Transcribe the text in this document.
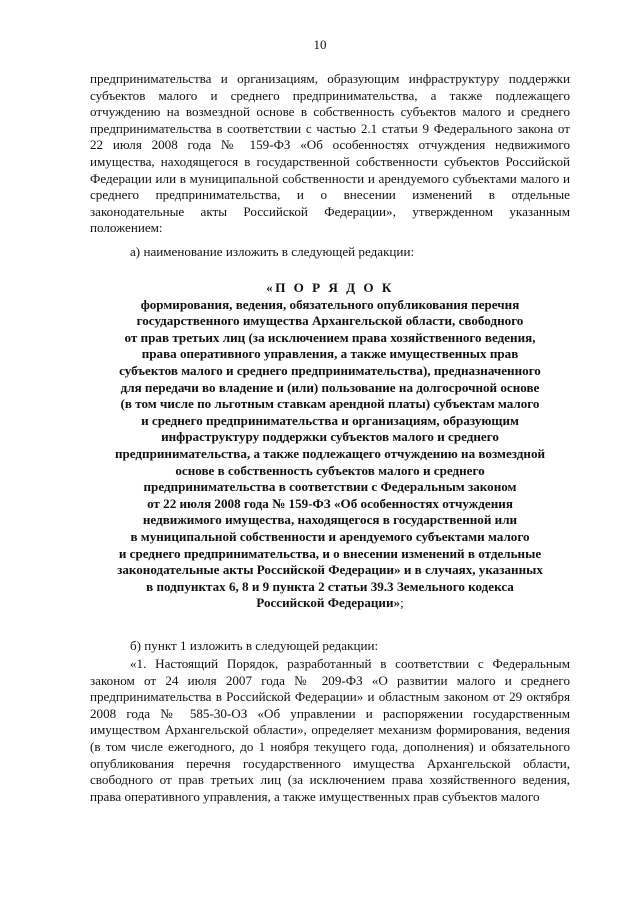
10

предпринимательства и организациям, образующим инфраструктуру поддержки субъектов малого и среднего предпринимательства, а также подлежащего отчуждению на возмездной основе в собственность субъектов малого и среднего предпринимательства в соответствии с частью 2.1 статьи 9 Федерального закона от 22 июля 2008 года № 159-ФЗ «Об особенностях отчуждения недвижимого имущества, находящегося в государственной собственности субъектов Российской Федерации или в муниципальной собственности и арендуемого субъектами малого и среднего предпринимательства, и о внесении изменений в отдельные законодательные акты Российской Федерации», утвержденном указанным положением:

а) наименование изложить в следующей редакции:

«П О Р Я Д О К
формирования, ведения, обязательного опубликования перечня
государственного имущества Архангельской области, свободного
от прав третьих лиц (за исключением права хозяйственного ведения,
права оперативного управления, а также имущественных прав
субъектов малого и среднего предпринимательства), предназначенного
для передачи во владение и (или) пользование на долгосрочной основе
(в том числе по льготным ставкам арендной платы) субъектам малого
и среднего предпринимательства и организациям, образующим
инфраструктуру поддержки субъектов малого и среднего
предпринимательства, а также подлежащего отчуждению на возмездной
основе в собственность субъектов малого и среднего
предпринимательства в соответствии с Федеральным законом
от 22 июля 2008 года № 159-ФЗ «Об особенностях отчуждения
недвижимого имущества, находящегося в государственной или
в муниципальной собственности и арендуемого субъектами малого
и среднего предпринимательства, и о внесении изменений в отдельные
законодательные акты Российской Федерации» и в случаях, указанных
в подпунктах 6, 8 и 9 пункта 2 статьи 39.3 Земельного кодекса
Российской Федерации»;

б) пункт 1 изложить в следующей редакции:

«1. Настоящий Порядок, разработанный в соответствии с Федеральным законом от 24 июля 2007 года № 209-ФЗ «О развитии малого и среднего предпринимательства в Российской Федерации» и областным законом от 29 октября 2008 года № 585-30-ОЗ «Об управлении и распоряжении государственным имуществом Архангельской области», определяет механизм формирования, ведения (в том числе ежегодного, до 1 ноября текущего года, дополнения) и обязательного опубликования перечня государственного имущества Архангельской области, свободного от прав третьих лиц (за исключением права хозяйственного ведения, права оперативного управления, а также имущественных прав субъектов малого
